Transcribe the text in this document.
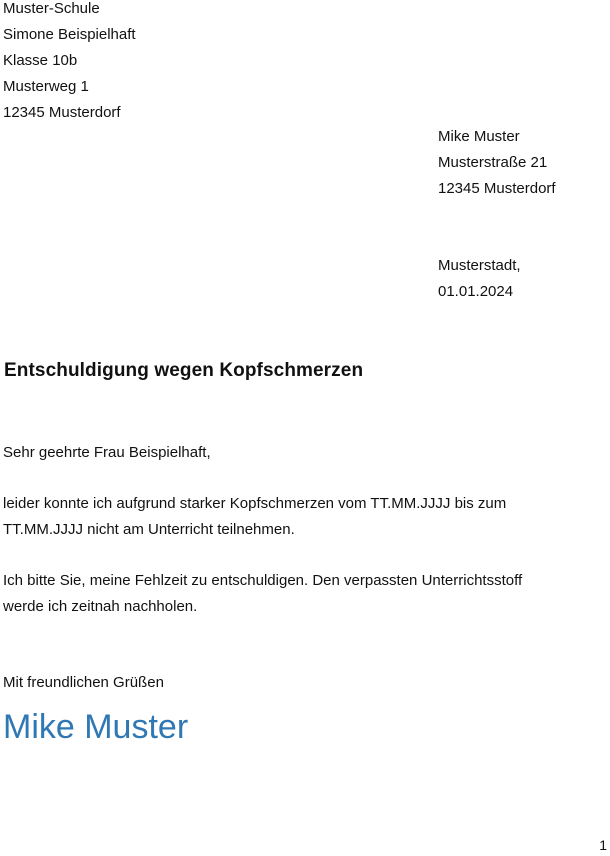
Muster-Schule
Simone Beispielhaft
Klasse 10b
Musterweg 1
12345 Musterdorf
Mike Muster
Musterstraße 21
12345 Musterdorf
Musterstadt,
01.01.2024
Entschuldigung wegen Kopfschmerzen
Sehr geehrte Frau Beispielhaft,
leider konnte ich aufgrund starker Kopfschmerzen vom TT.MM.JJJJ bis zum
TT.MM.JJJJ nicht am Unterricht teilnehmen.
Ich bitte Sie, meine Fehlzeit zu entschuldigen. Den verpassten Unterrichtsstoff
werde ich zeitnah nachholen.
Mit freundlichen Grüßen
Mike Muster
1
